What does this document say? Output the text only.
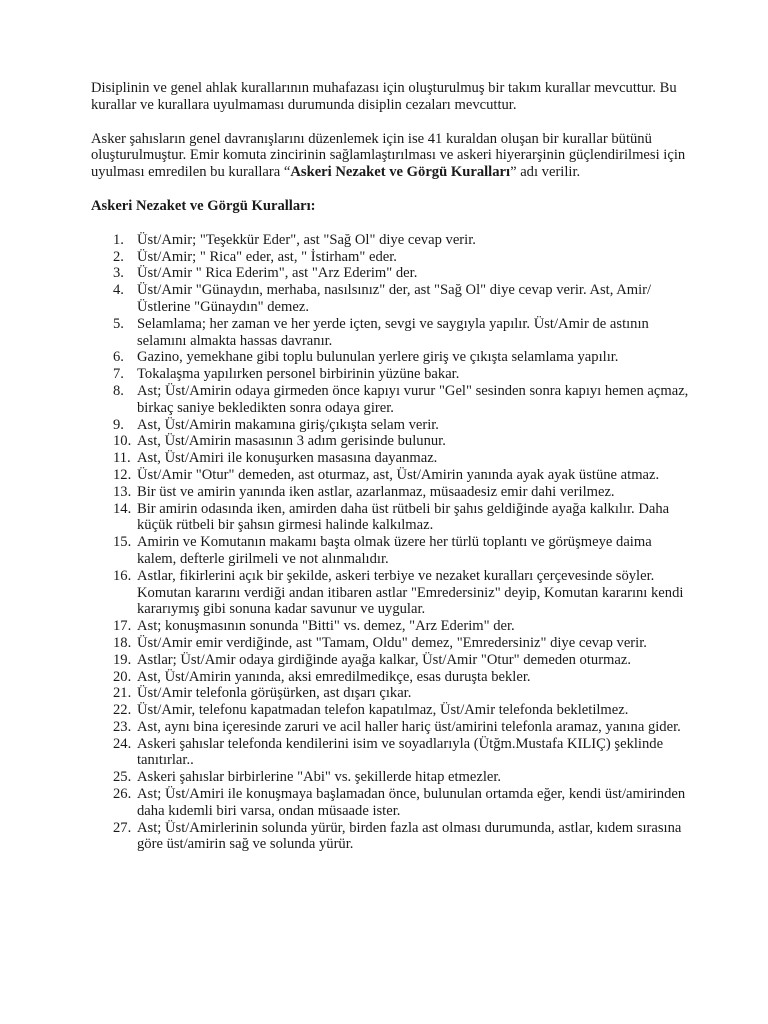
Disiplinin ve genel ahlak kurallarının muhafazası için oluşturulmuş bir takım kurallar mevcuttur. Bu kurallar ve kurallara uyulmaması durumunda disiplin cezaları mevcuttur.

Asker şahısların genel davranışlarını düzenlemek için ise 41 kuraldan oluşan bir kurallar bütünü oluşturulmuştur. Emir komuta zincirinin sağlamlaştırılması ve askeri hiyerarşinin güçlendirilmesi için uyulması emredilen bu kurallara “Askeri Nezaket ve Görgü Kuralları” adı verilir.

Askeri Nezaket ve Görgü Kuralları:

1. Üst/Amir; "Teşekkür Eder", ast "Sağ Ol" diye cevap verir.
2. Üst/Amir; " Rica" eder, ast, " İstirham" eder.
3. Üst/Amir " Rica Ederim", ast "Arz Ederim" der.
4. Üst/Amir "Günaydın, merhaba, nasılsınız" der, ast "Sağ Ol" diye cevap verir. Ast, Amir/Üstlerine "Günaydın" demez.
5. Selamlama; her zaman ve her yerde içten, sevgi ve saygıyla yapılır. Üst/Amir de astının selamını almakta hassas davranır.
6. Gazino, yemekhane gibi toplu bulunulan yerlere giriş ve çıkışta selamlama yapılır.
7. Tokalaşma yapılırken personel birbirinin yüzüne bakar.
8. Ast; Üst/Amirin odaya girmeden önce kapıyı vurur "Gel" sesinden sonra kapıyı hemen açmaz, birkaç saniye bekledikten sonra odaya girer.
9. Ast, Üst/Amirin makamına giriş/çıkışta selam verir.
10. Ast, Üst/Amirin masasının 3 adım gerisinde bulunur.
11. Ast, Üst/Amiri ile konuşurken masasına dayanmaz.
12. Üst/Amir "Otur" demeden, ast oturmaz, ast, Üst/Amirin yanında ayak ayak üstüne atmaz.
13. Bir üst ve amirin yanında iken astlar, azarlanmaz, müsaadesiz emir dahi verilmez.
14. Bir amirin odasında iken, amirden daha üst rütbeli bir şahıs geldiğinde ayağa kalkılır. Daha küçük rütbeli bir şahsın girmesi halinde kalkılmaz.
15. Amirin ve Komutanın makamı başta olmak üzere her türlü toplantı ve görüşmeye daima kalem, defterle girilmeli ve not alınmalıdır.
16. Astlar, fikirlerini açık bir şekilde, askeri terbiye ve nezaket kuralları çerçevesinde söyler. Komutan kararını verdiği andan itibaren astlar "Emredersiniz" deyip, Komutan kararını kendi kararıymış gibi sonuna kadar savunur ve uygular.
17. Ast; konuşmasının sonunda "Bitti" vs. demez, "Arz Ederim" der.
18. Üst/Amir emir verdiğinde, ast "Tamam, Oldu" demez, "Emredersiniz" diye cevap verir.
19. Astlar; Üst/Amir odaya girdiğinde ayağa kalkar, Üst/Amir "Otur" demeden oturmaz.
20. Ast, Üst/Amirin yanında, aksi emredilmedikçe, esas duruşta bekler.
21. Üst/Amir telefonla görüşürken, ast dışarı çıkar.
22. Üst/Amir, telefonu kapatmadan telefon kapatılmaz, Üst/Amir telefonda bekletilmez.
23. Ast, aynı bina içeresinde zaruri ve acil haller hariç üst/amirini telefonla aramaz, yanına gider.
24. Askeri şahıslar telefonda kendilerini isim ve soyadlarıyla (Ütğm.Mustafa KILIÇ) şeklinde tanıtırlar..
25. Askeri şahıslar birbirlerine "Abi" vs. şekillerde hitap etmezler.
26. Ast; Üst/Amiri ile konuşmaya başlamadan önce, bulunulan ortamda eğer, kendi üst/amirinden daha kıdemli biri varsa, ondan müsaade ister.
27. Ast; Üst/Amirlerinin solunda yürür, birden fazla ast olması durumunda, astlar, kıdem sırasına göre üst/amirin sağ ve solunda yürür.
